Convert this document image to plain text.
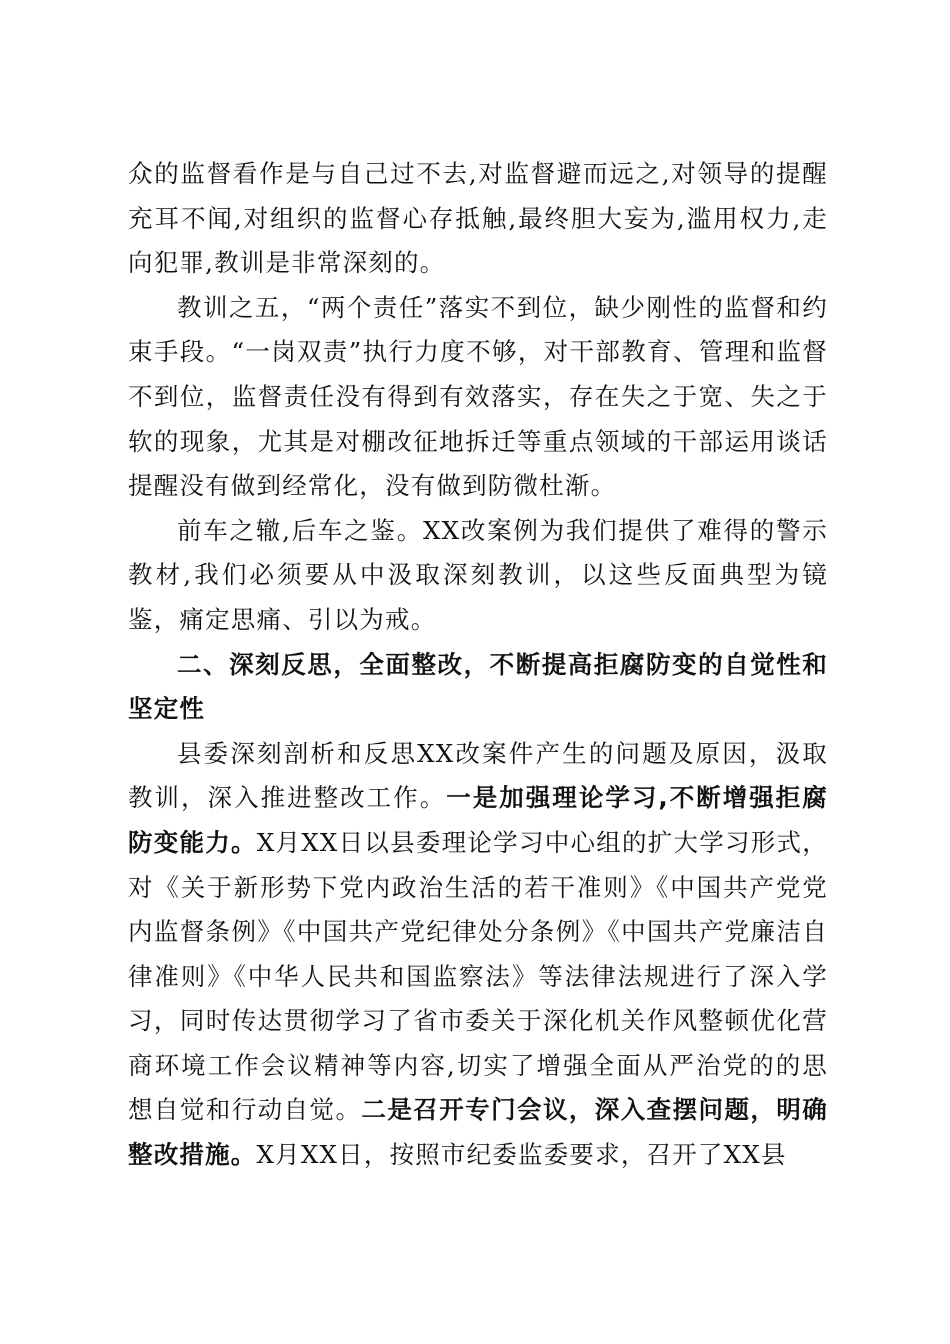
众的监督看作是与自己过不去,对监督避而远之,对领导的提醒充耳不闻,对组织的监督心存抵触,最终胆大妄为,滥用权力,走向犯罪,教训是非常深刻的。

教训之五，“两个责任”落实不到位，缺少刚性的监督和约束手段。“一岗双责”执行力度不够，对干部教育、管理和监督不到位，监督责任没有得到有效落实，存在失之于宽、失之于软的现象，尤其是对棚改征地拆迁等重点领域的干部运用谈话提醒没有做到经常化，没有做到防微杜渐。

前车之辙,后车之鉴。XX改案例为我们提供了难得的警示教材,我们必须要从中汲取深刻教训，以这些反面典型为镜鉴，痛定思痛、引以为戒。

二、深刻反思，全面整改，不断提高拒腐防变的自觉性和坚定性

县委深刻剖析和反思XX改案件产生的问题及原因，汲取教训，深入推进整改工作。一是加强理论学习,不断增强拒腐防变能力。X月XX日以县委理论学习中心组的扩大学习形式，对《关于新形势下党内政治生活的若干准则》《中国共产党党内监督条例》《中国共产党纪律处分条例》《中国共产党廉洁自律准则》《中华人民共和国监察法》等法律法规进行了深入学习，同时传达贯彻学习了省市委关于深化机关作风整顿优化营商环境工作会议精神等内容,切实了增强全面从严治党的的思想自觉和行动自觉。二是召开专门会议，深入查摆问题，明确整改措施。X月XX日，按照市纪委监委要求，召开了XX县
